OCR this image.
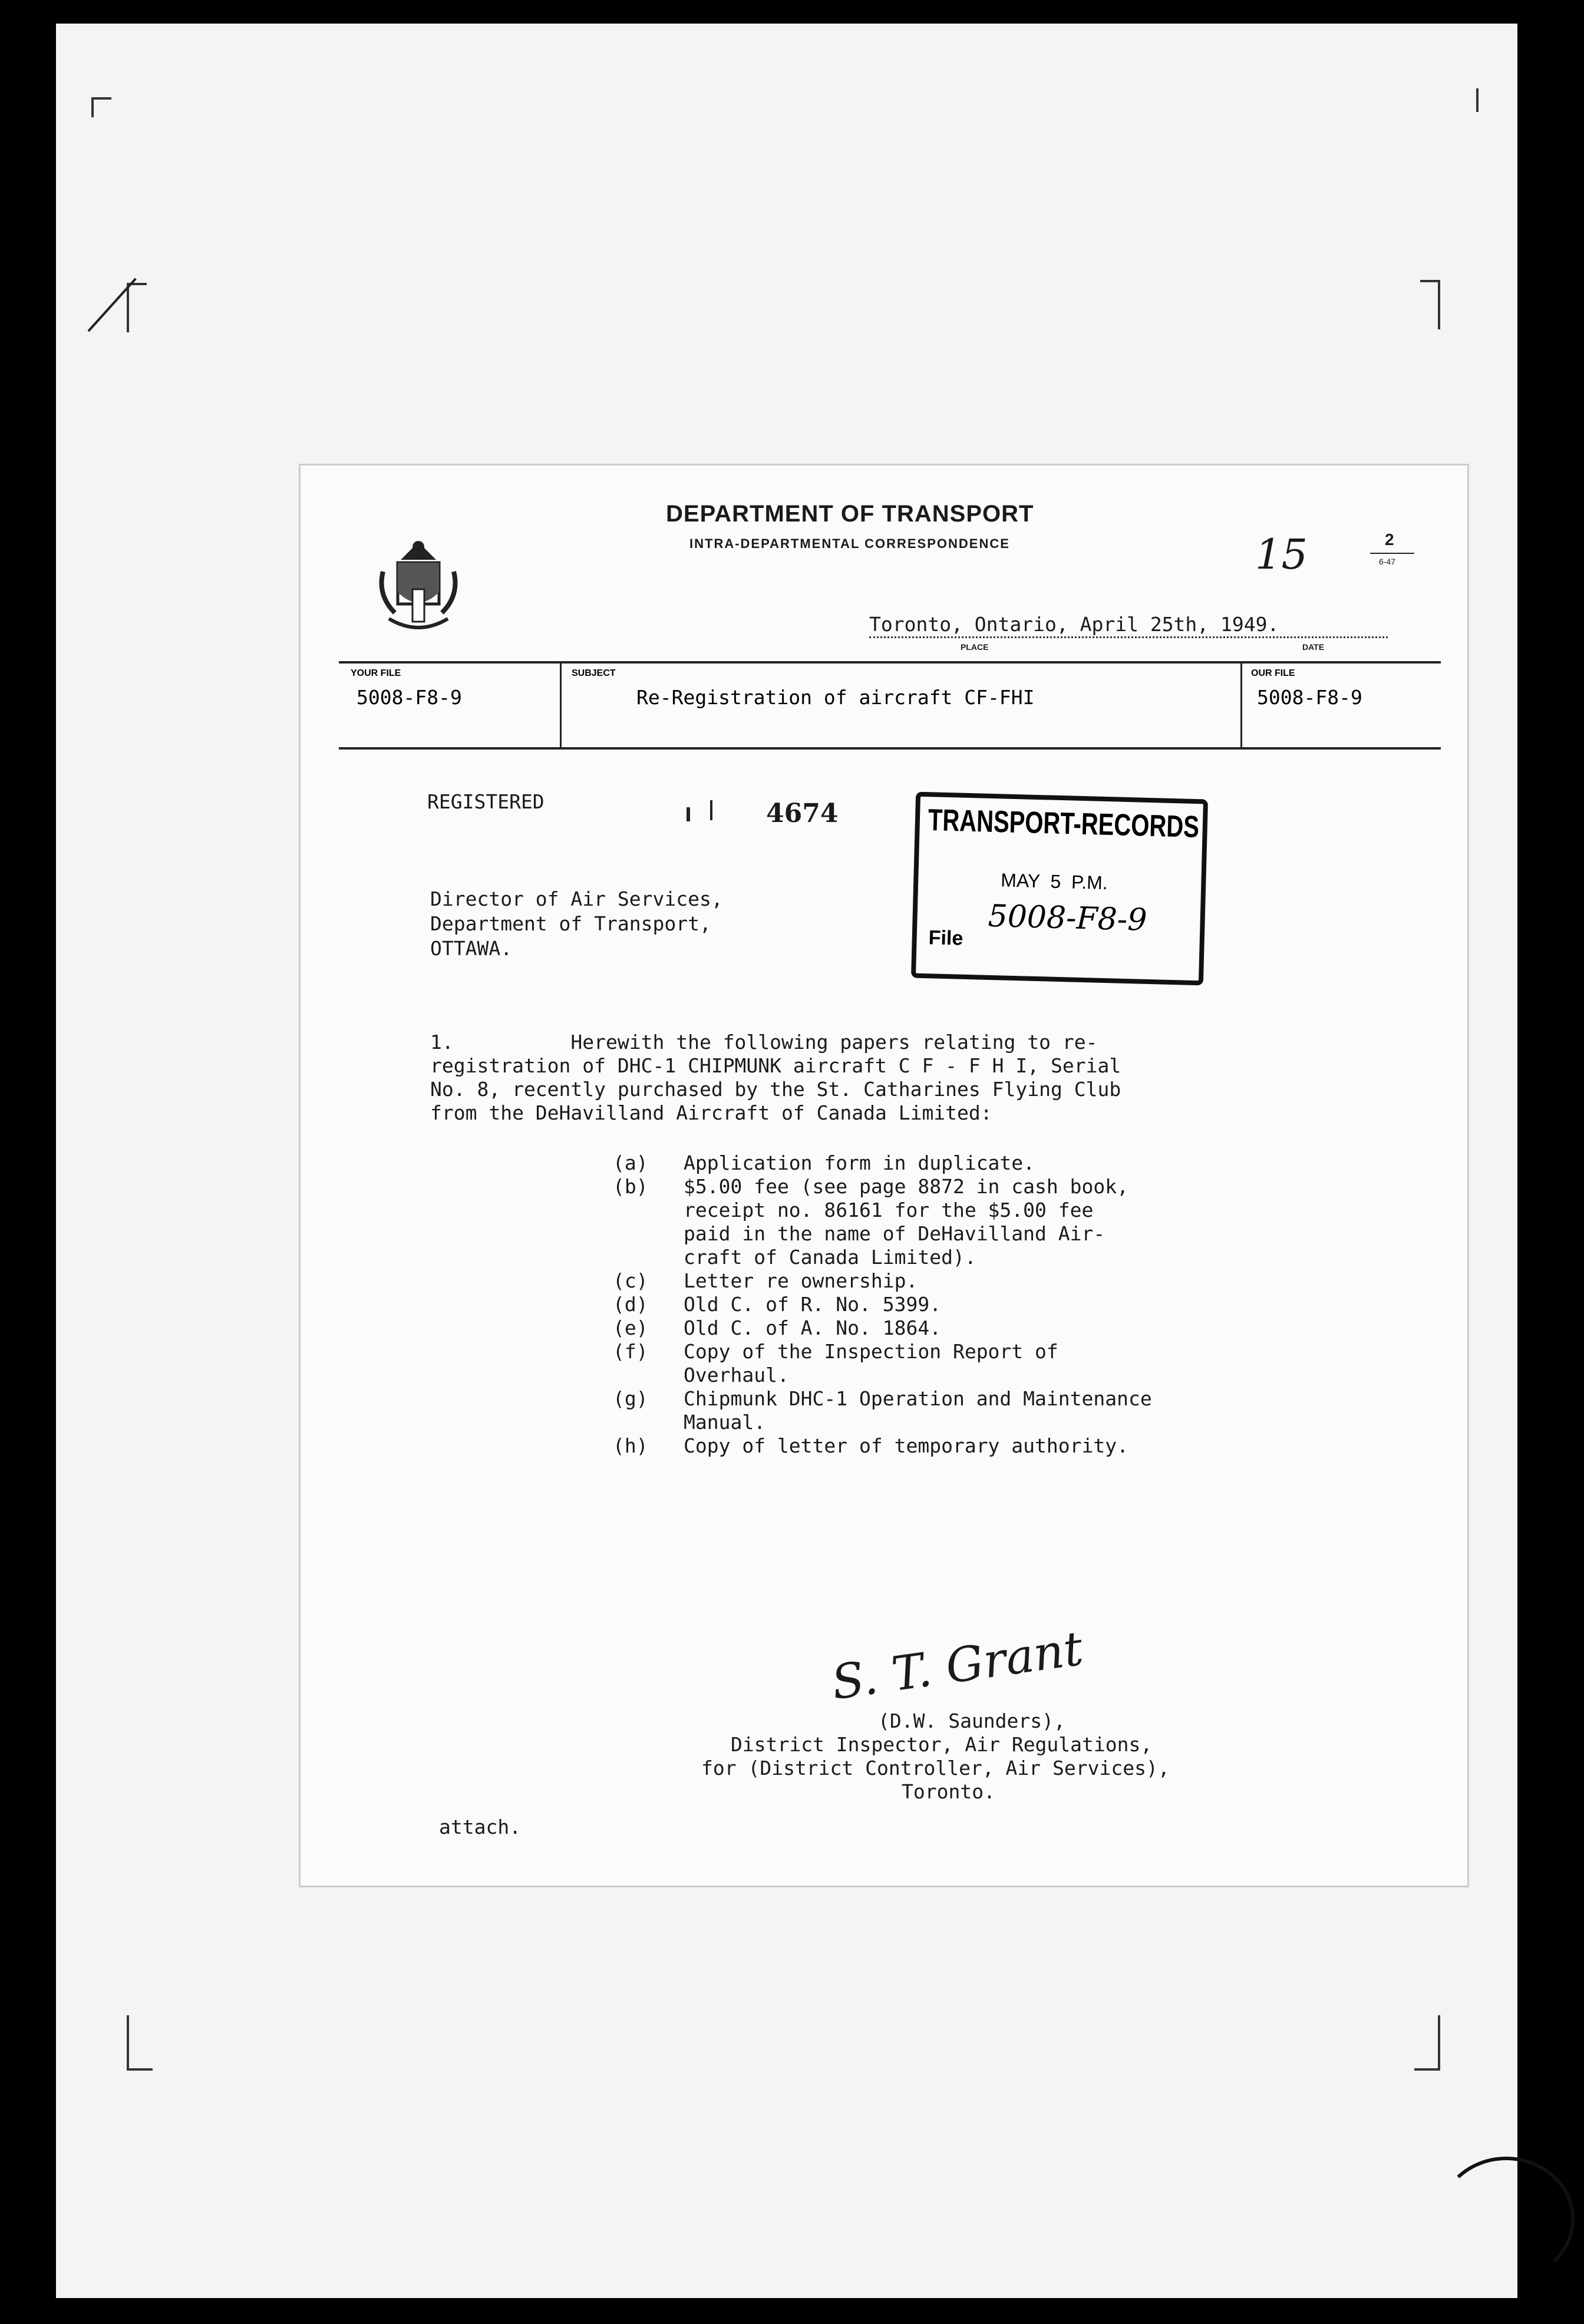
DEPARTMENT OF TRANSPORT
INTRA-DEPARTMENTAL CORRESPONDENCE	15	2
6-47
Toronto, Ontario, April 25th, 1949.
PLACE	DATE
YOUR FILE
5008-F8-9
SUBJECT
Re-Registration of aircraft CF-FHI
OUR FILE
5008-F8-9
REGISTERED	4674	TRANSPORT-RECORDS
MAY  5  P.M.
5008-F8-9
File
Director of Air Services,
Department of Transport,
OTTAWA.
1.          Herewith the following papers relating to re-
registration of DHC-1 CHIPMUNK aircraft C F - F H I, Serial
No. 8, recently purchased by the St. Catharines Flying Club
from the DeHavilland Aircraft of Canada Limited:
(a) Application form in duplicate.
(b) $5.00 fee (see page 8872 in cash book,
receipt no. 86161 for the $5.00 fee
paid in the name of DeHavilland Air-
craft of Canada Limited).
(c) Letter re ownership.
(d) Old C. of R. No. 5399.
(e) Old C. of A. No. 1864.
(f) Copy of the Inspection Report of
Overhaul.
(g) Chipmunk DHC-1 Operation and Maintenance
Manual.
(h) Copy of letter of temporary authority.
S. T. Grant
(D.W. Saunders),
District Inspector, Air Regulations,
for (District Controller, Air Services),
Toronto.
attach.
